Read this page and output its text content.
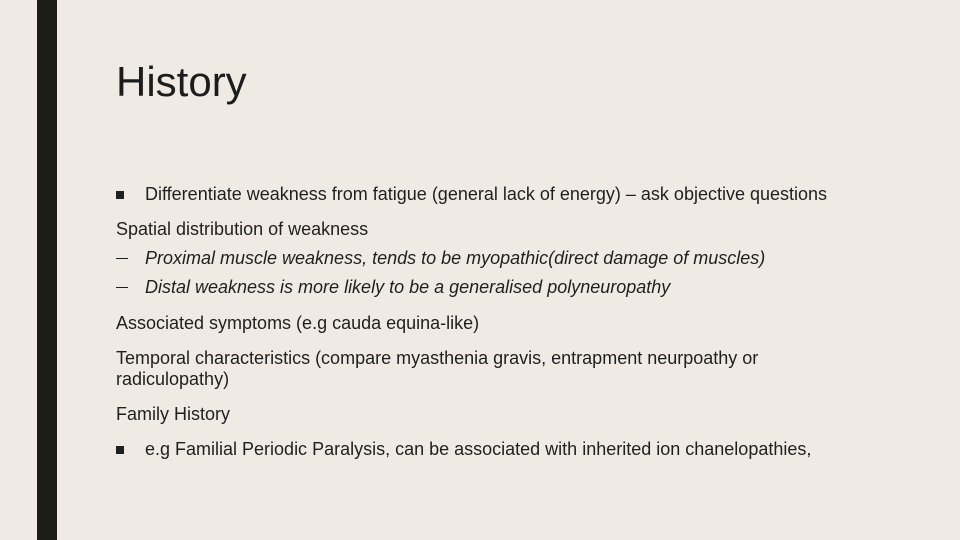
History
Differentiate weakness from fatigue (general lack of energy) – ask objective questions
Spatial distribution of weakness
Proximal muscle weakness, tends to be myopathic(direct damage of muscles)
Distal weakness is more likely to be a generalised polyneuropathy
Associated symptoms (e.g cauda equina-like)
Temporal characteristics (compare myasthenia gravis, entrapment neurpoathy or radiculopathy)
Family History
e.g Familial Periodic Paralysis, can be associated with inherited ion chanelopathies,
